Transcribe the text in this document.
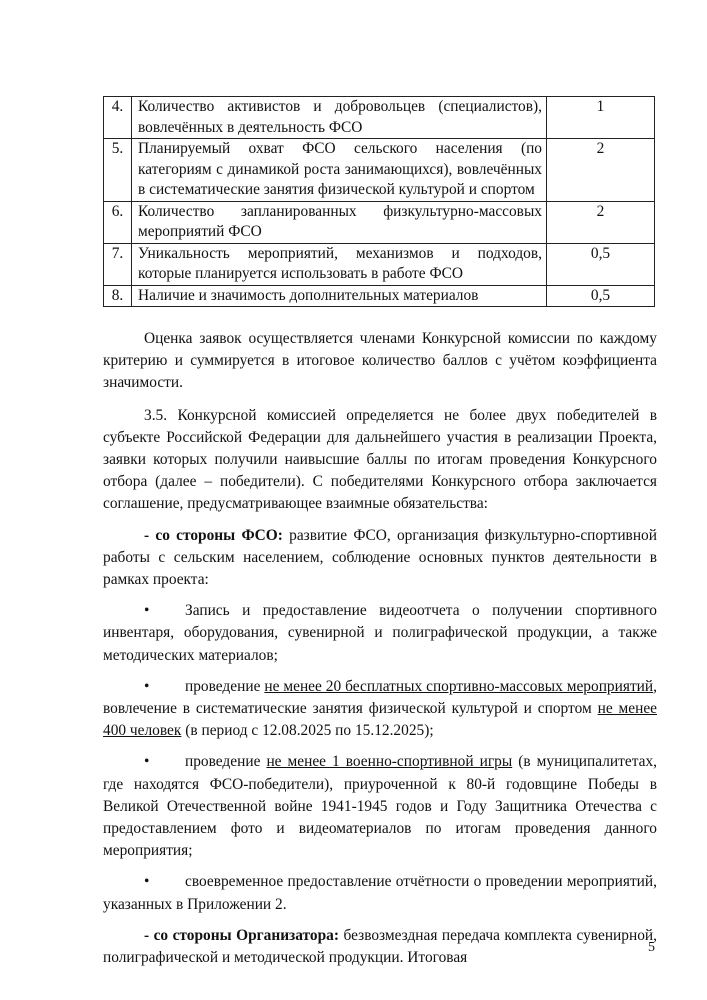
4.	Количество активистов и добровольцев (специалистов), вовлечённых в деятельность ФСО	1
5.	Планируемый охват ФСО сельского населения (по категориям с динамикой роста занимающихся), вовлечённых в систематические занятия физической культурой и спортом	2
6.	Количество запланированных физкультурно-массовых мероприятий ФСО	2
7.	Уникальность мероприятий, механизмов и подходов, которые планируется использовать в работе ФСО	0,5
8.	Наличие и значимость дополнительных материалов	0,5

Оценка заявок осуществляется членами Конкурсной комиссии по каждому критерию и суммируется в итоговое количество баллов с учётом коэффициента значимости.

3.5. Конкурсной комиссией определяется не более двух победителей в субъекте Российской Федерации для дальнейшего участия в реализации Проекта, заявки которых получили наивысшие баллы по итогам проведения Конкурсного отбора (далее – победители). С победителями Конкурсного отбора заключается соглашение, предусматривающее взаимные обязательства:

- со стороны ФСО: развитие ФСО, организация физкультурно-спортивной работы с сельским населением, соблюдение основных пунктов деятельности в рамках проекта:

• Запись и предоставление видеоотчета о получении спортивного инвентаря, оборудования, сувенирной и полиграфической продукции, а также методических материалов;

• проведение не менее 20 бесплатных спортивно-массовых мероприятий, вовлечение в систематические занятия физической культурой и спортом не менее 400 человек (в период с 12.08.2025 по 15.12.2025);

• проведение не менее 1 военно-спортивной игры (в муниципалитетах, где находятся ФСО-победители), приуроченной к 80-й годовщине Победы в Великой Отечественной войне 1941-1945 годов и Году Защитника Отечества с предоставлением фото и видеоматериалов по итогам проведения данного мероприятия;

• своевременное предоставление отчётности о проведении мероприятий, указанных в Приложении 2.

- со стороны Организатора: безвозмездная передача комплекта сувенирной, полиграфической и методической продукции. Итоговая

5
